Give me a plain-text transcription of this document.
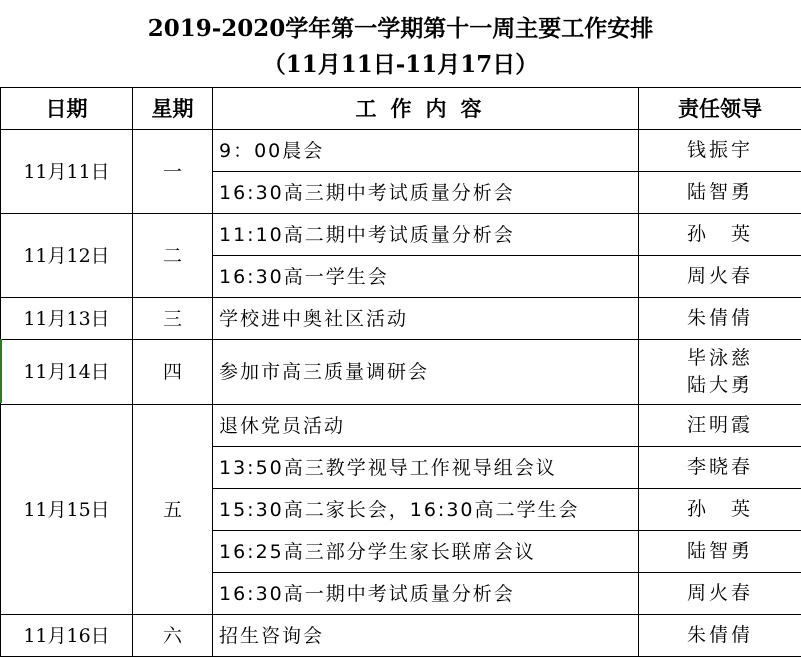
2019-2020学年第一学期第十一周主要工作安排
（11月11日-11月17日）
日期	星期	工作内容	责任领导
11月11日	一	9：00晨会	钱振宇

		16:30高三期中考试质量分析会	陆智勇

11月12日	二	11:10高二期中考试质量分析会	孙　英

		16:30高一学生会	周火春

11月13日	三	学校进中奥社区活动	朱倩倩

11月14日	四	参加市高三质量调研会	毕泳慈
陆大勇

11月15日	五	退休党员活动	汪明霞

		13:50高三教学视导工作视导组会议	李晓春

		15:30高二家长会，16:30高二学生会	孙　英

		16:25高三部分学生家长联席会议	陆智勇

		16:30高一期中考试质量分析会	周火春

11月16日	六	招生咨询会	朱倩倩
